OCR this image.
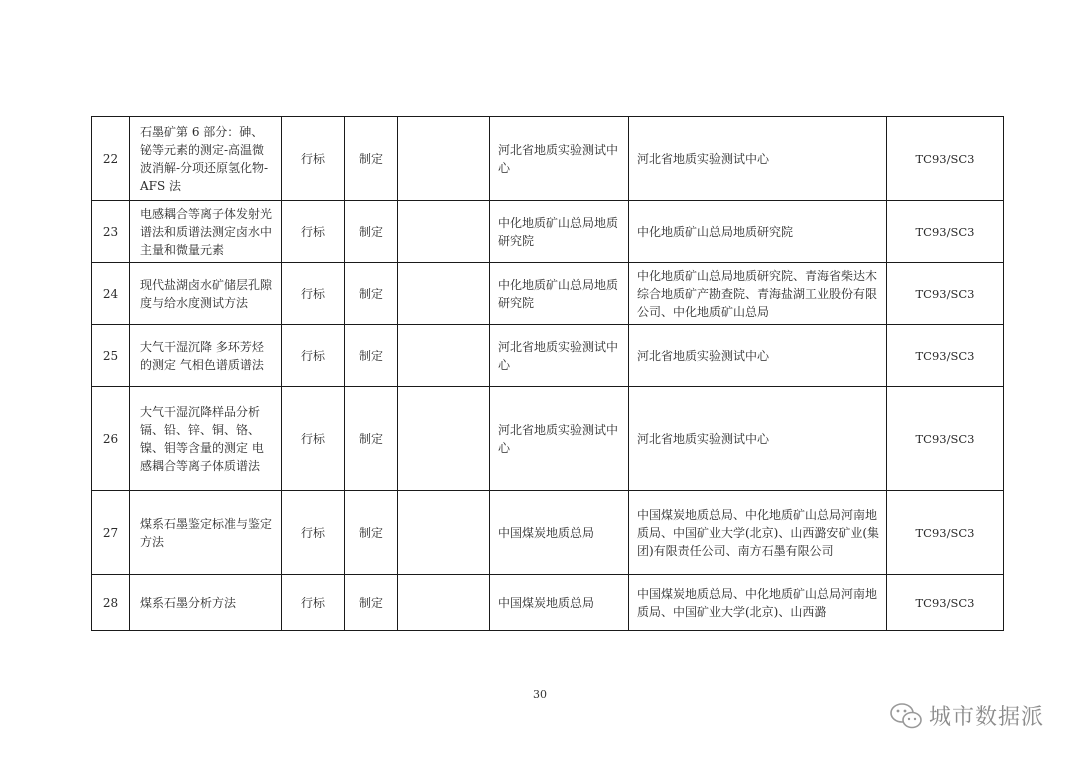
22	石墨矿第 6 部分：砷、铋等元素的测定-高温微波消解-分项还原氢化物-AFS 法	行标	制定		河北省地质实验测试中心	河北省地质实验测试中心	TC93/SC3
23	电感耦合等离子体发射光谱法和质谱法测定卤水中主量和微量元素	行标	制定		中化地质矿山总局地质研究院	中化地质矿山总局地质研究院	TC93/SC3
24	现代盐湖卤水矿储层孔隙度与给水度测试方法	行标	制定		中化地质矿山总局地质研究院	中化地质矿山总局地质研究院、青海省柴达木综合地质矿产勘查院、青海盐湖工业股份有限公司、中化地质矿山总局	TC93/SC3
25	大气干湿沉降 多环芳烃的测定 气相色谱质谱法	行标	制定		河北省地质实验测试中心	河北省地质实验测试中心	TC93/SC3
26	大气干湿沉降样品分析镉、铅、锌、铜、铬、镍、钼等含量的测定 电感耦合等离子体质谱法	行标	制定		河北省地质实验测试中心	河北省地质实验测试中心	TC93/SC3
27	煤系石墨鉴定标准与鉴定方法	行标	制定		中国煤炭地质总局	中国煤炭地质总局、中化地质矿山总局河南地质局、中国矿业大学(北京)、山西潞安矿业(集团)有限责任公司、南方石墨有限公司	TC93/SC3
28	煤系石墨分析方法	行标	制定		中国煤炭地质总局	中国煤炭地质总局、中化地质矿山总局河南地质局、中国矿业大学(北京)、山西潞	TC93/SC3
30
城市数据派
